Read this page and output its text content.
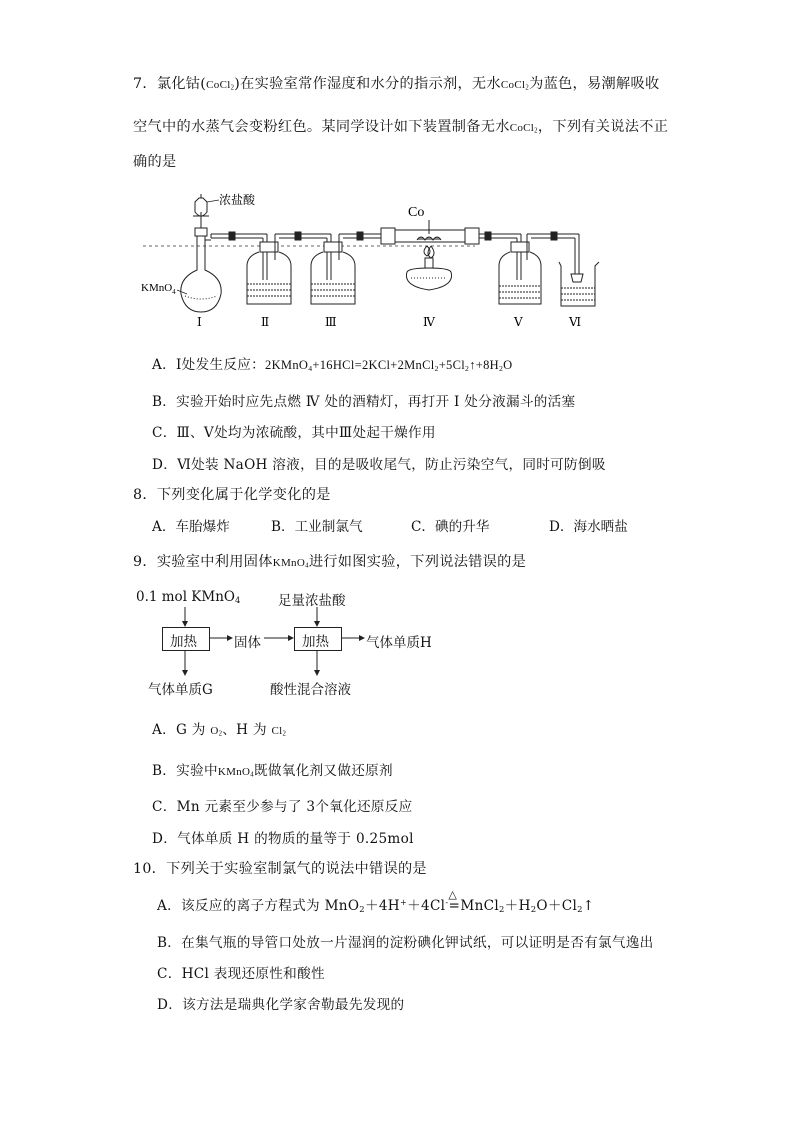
7．氯化钴(CoCl$_2$)在实验室常作湿度和水分的指示剂，无水CoCl$_2$为蓝色，易潮解吸收
空气中的水蒸气会变粉红色。某同学设计如下装置制备无水CoCl$_2$，下列有关说法不正
确的是
浓盐酸
KMnO$_4$
Co
Ⅰ	Ⅱ	Ⅲ	Ⅳ	Ⅴ	Ⅵ
A．Ⅰ处发生反应：$2KMnO_4+16HCl=2KCl+2MnCl_2+5Cl_2↑+8H_2O$
B．实验开始时应先点燃 Ⅳ 处的酒精灯，再打开 Ⅰ 处分液漏斗的活塞
C．Ⅲ、Ⅴ处均为浓硫酸，其中Ⅲ处起干燥作用
D．Ⅵ处装 NaOH 溶液，目的是吸收尾气，防止污染空气，同时可防倒吸
8．下列变化属于化学变化的是
A．车胎爆炸	B．工业制氯气	C．碘的升华	D．海水晒盐
9．实验室中利用固体KMnO$_4$进行如图实验，下列说法错误的是
0.1 mol KMnO$_4$	足量浓盐酸
加热	固体	加热	气体单质H
气体单质G	酸性混合溶液
A．G 为 $O_2$、H 为 $Cl_2$
B．实验中KMnO$_4$既做氧化剂又做还原剂
C．Mn 元素至少参与了 3个氧化还原反应
D．气体单质 H 的物质的量等于 0.25mol
10．下列关于实验室制氯气的说法中错误的是
A．该反应的离子方程式为 MnO$_2$＋4H+＋4Cl-
△
$=MnCl_2+H_2O+Cl_2↑$
B．在集气瓶的导管口处放一片湿润的淀粉碘化钾试纸，可以证明是否有氯气逸出
C．HCl 表现还原性和酸性
D．该方法是瑞典化学家舍勒最先发现的
